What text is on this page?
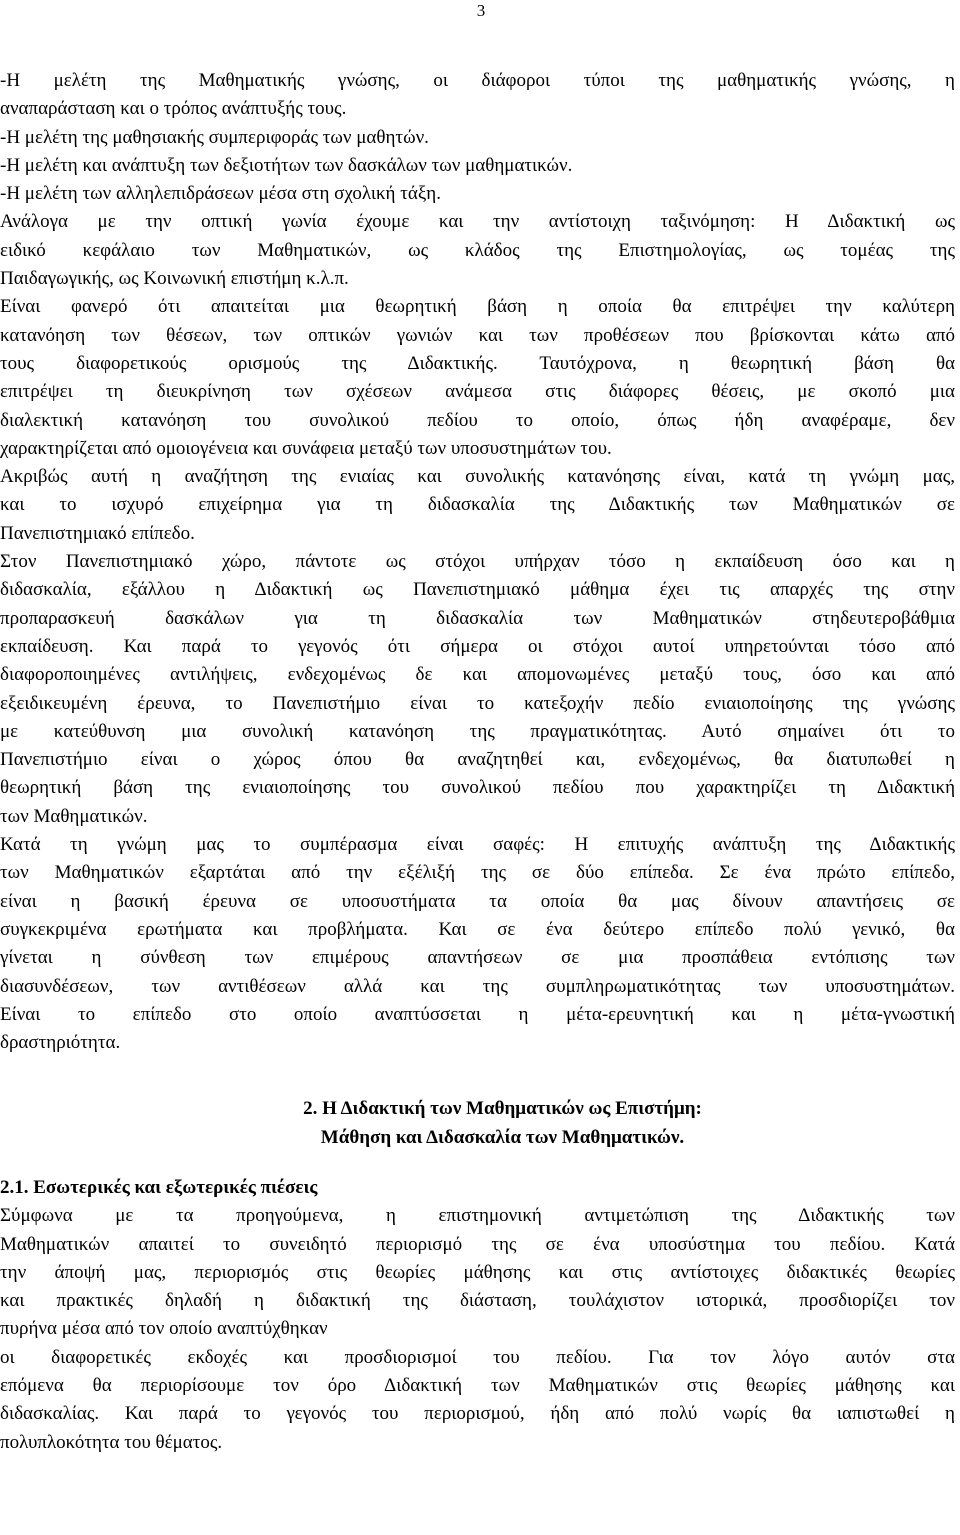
3
-Η μελέτη της Μαθηματικής γνώσης, οι διάφοροι τύποι της μαθηματικής γνώσης, η
αναπαράσταση και ο τρόπος ανάπτυξής τους.
-Η μελέτη της μαθησιακής συμπεριφοράς των μαθητών.
-Η μελέτη και ανάπτυξη των δεξιοτήτων των δασκάλων των μαθηματικών.
-Η μελέτη των αλληλεπιδράσεων μέσα στη σχολική τάξη.
Ανάλογα με την οπτική γωνία έχουμε και την αντίστοιχη ταξινόμηση: Η Διδακτική ως
ειδικό κεφάλαιο των Μαθηματικών, ως κλάδος της Επιστημολογίας, ως τομέας της
Παιδαγωγικής, ως Κοινωνική επιστήμη κ.λ.π.
Είναι φανερό ότι απαιτείται μια θεωρητική βάση η οποία θα επιτρέψει την καλύτερη
κατανόηση των θέσεων, των οπτικών γωνιών και των προθέσεων που βρίσκονται κάτω από
τους διαφορετικούς ορισμούς της Διδακτικής. Ταυτόχρονα, η θεωρητική βάση θα
επιτρέψει τη διευκρίνηση των σχέσεων ανάμεσα στις διάφορες θέσεις, με σκοπό μια
διαλεκτική κατανόηση του συνολικού πεδίου το οποίο, όπως ήδη αναφέραμε, δεν
χαρακτηρίζεται από ομοιογένεια και συνάφεια μεταξύ των υποσυστημάτων του.
Ακριβώς αυτή η αναζήτηση της ενιαίας και συνολικής κατανόησης είναι, κατά τη γνώμη μας,
και το ισχυρό επιχείρημα για τη διδασκαλία της Διδακτικής των Μαθηματικών σε
Πανεπιστημιακό επίπεδο.
Στον Πανεπιστημιακό χώρο, πάντοτε ως στόχοι υπήρχαν τόσο η εκπαίδευση όσο και η
διδασκαλία, εξάλλου η Διδακτική ως Πανεπιστημιακό μάθημα έχει τις απαρχές της στην
προπαρασκευή δασκάλων για τη διδασκαλία των Μαθηματικών στηδευτεροβάθμια
εκπαίδευση. Και παρά το γεγονός ότι σήμερα οι στόχοι αυτοί υπηρετούνται τόσο από
διαφοροποιημένες αντιλήψεις, ενδεχομένως δε και απομονωμένες μεταξύ τους, όσο και από
εξειδικευμένη έρευνα, το Πανεπιστήμιο είναι το κατεξοχήν πεδίο ενιαιοποίησης της γνώσης
με κατεύθυνση μια συνολική κατανόηση της πραγματικότητας. Αυτό σημαίνει ότι το
Πανεπιστήμιο είναι ο χώρος όπου θα αναζητηθεί και, ενδεχομένως, θα διατυπωθεί η
θεωρητική βάση της ενιαιοποίησης του συνολικού πεδίου που χαρακτηρίζει τη Διδακτική
των Μαθηματικών.
Κατά τη γνώμη μας το συμπέρασμα είναι σαφές: Η επιτυχής ανάπτυξη της Διδακτικής
των Μαθηματικών εξαρτάται από την εξέλιξή της σε δύο επίπεδα. Σε ένα πρώτο επίπεδο,
είναι η βασική έρευνα σε υποσυστήματα τα οποία θα μας δίνουν απαντήσεις σε
συγκεκριμένα ερωτήματα και προβλήματα. Και σε ένα δεύτερο επίπεδο πολύ γενικό, θα
γίνεται η σύνθεση των επιμέρους απαντήσεων σε μια προσπάθεια εντόπισης των
διασυνδέσεων, των αντιθέσεων αλλά και της συμπληρωματικότητας των υποσυστημάτων.
Είναι το επίπεδο στο οποίο αναπτύσσεται η μέτα-ερευνητική και η μέτα-γνωστική
δραστηριότητα.
2. Η Διδακτική των Μαθηματικών ως Επιστήμη:
Μάθηση και Διδασκαλία των Μαθηματικών.
2.1. Εσωτερικές και εξωτερικές πιέσεις
Σύμφωνα με τα προηγούμενα, η επιστημονική αντιμετώπιση της Διδακτικής των
Μαθηματικών απαιτεί το συνειδητό περιορισμό της σε ένα υποσύστημα του πεδίου. Κατά
την άποψή μας, περιορισμός στις θεωρίες μάθησης και στις αντίστοιχες διδακτικές θεωρίες
και πρακτικές δηλαδή η διδακτική της διάσταση, τουλάχιστον ιστορικά, προσδιορίζει τον
πυρήνα μέσα από τον οποίο αναπτύχθηκαν
οι διαφορετικές εκδοχές και προσδιορισμοί του πεδίου. Για τον λόγο αυτόν στα
επόμενα θα περιορίσουμε τον όρο Διδακτική των Μαθηματικών στις θεωρίες μάθησης και
διδασκαλίας. Και παρά το γεγονός του περιορισμού, ήδη από πολύ νωρίς θα ιαπιστωθεί η
πολυπλοκότητα του θέματος.
